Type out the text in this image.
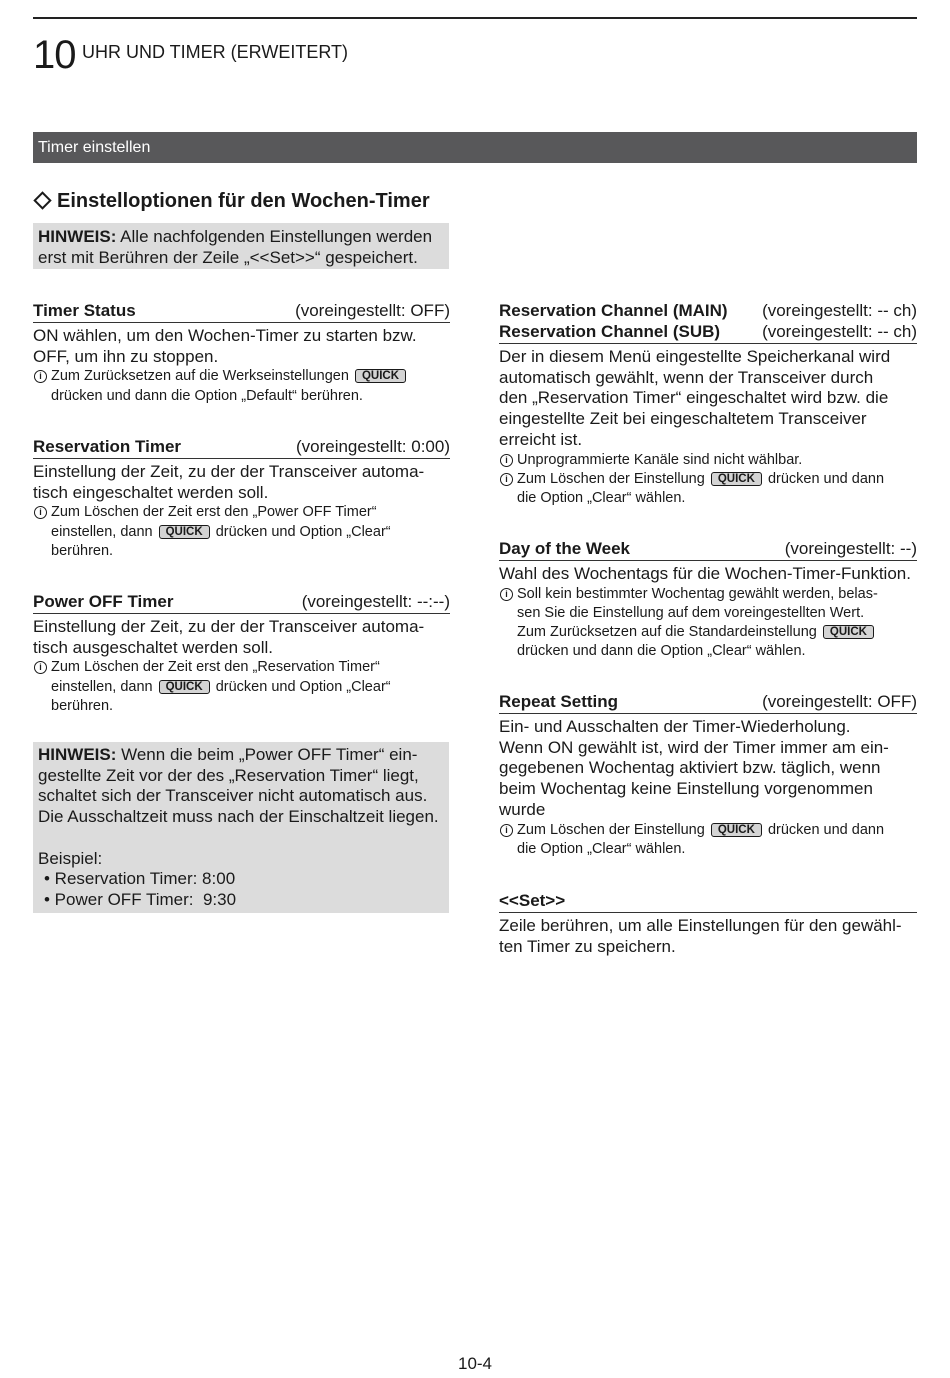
10 UHR UND TIMER (ERWEITERT)
Timer einstellen
Einstelloptionen für den Wochen-Timer

HINWEIS: Alle nachfolgenden Einstellungen werden

erst mit Berühren der Zeile „<<Set>>“ gespeichert.

Timer Status	(voreingestellt: OFF)

ON wählen, um den Wochen-Timer zu starten bzw.

OFF, um ihn zu stoppen.

i Zum Zurücksetzen auf die Werkseinstellungen QUICK

drücken und dann die Option „Default“ berühren.

Reservation Timer	(voreingestellt: 0:00)

Einstellung der Zeit, zu der der Transceiver automa-

tisch eingeschaltet werden soll.

i Zum Löschen der Zeit erst den „Power OFF Timer“

einstellen, dann QUICK drücken und Option „Clear“

berühren.

Power OFF Timer	(voreingestellt: --:--)

Einstellung der Zeit, zu der der Transceiver automa-

tisch ausgeschaltet werden soll.

i Zum Löschen der Zeit erst den „Reservation Timer“

einstellen, dann QUICK drücken und Option „Clear“

berühren.

HINWEIS: Wenn die beim „Power OFF Timer“ ein-

gestellte Zeit vor der des „Reservation Timer“ liegt,

schaltet sich der Transceiver nicht automatisch aus.

Die Ausschaltzeit muss nach der Einschaltzeit liegen.

Beispiel:

• Reservation Timer: 8:00

• Power OFF Timer:  9:30

Reservation Channel (MAIN) (voreingestellt: -- ch)
Reservation Channel (SUB) (voreingestellt: -- ch)

Der in diesem Menü eingestellte Speicherkanal wird

automatisch gewählt, wenn der Transceiver durch

den „Reservation Timer“ eingeschaltet wird bzw. die

eingestellte Zeit bei eingeschaltetem Transceiver

erreicht ist.

i Unprogrammierte Kanäle sind nicht wählbar.

i Zum Löschen der Einstellung QUICK drücken und dann

die Option „Clear“ wählen.

Day of the Week	(voreingestellt: --)

Wahl des Wochentags für die Wochen-Timer-Funktion.

i Soll kein bestimmter Wochentag gewählt werden, belas-

sen Sie die Einstellung auf dem voreingestellten Wert.

Zum Zurücksetzen auf die Standardeinstellung QUICK

drücken und dann die Option „Clear“ wählen.

Repeat Setting	(voreingestellt: OFF)

Ein- und Ausschalten der Timer-Wiederholung.

Wenn ON gewählt ist, wird der Timer immer am ein-

gegebenen Wochentag aktiviert bzw. täglich, wenn

beim Wochentag keine Einstellung vorgenommen

wurde

i Zum Löschen der Einstellung QUICK drücken und dann

die Option „Clear“ wählen.

<<Set>>

Zeile berühren, um alle Einstellungen für den gewähl-

ten Timer zu speichern.

10-4
